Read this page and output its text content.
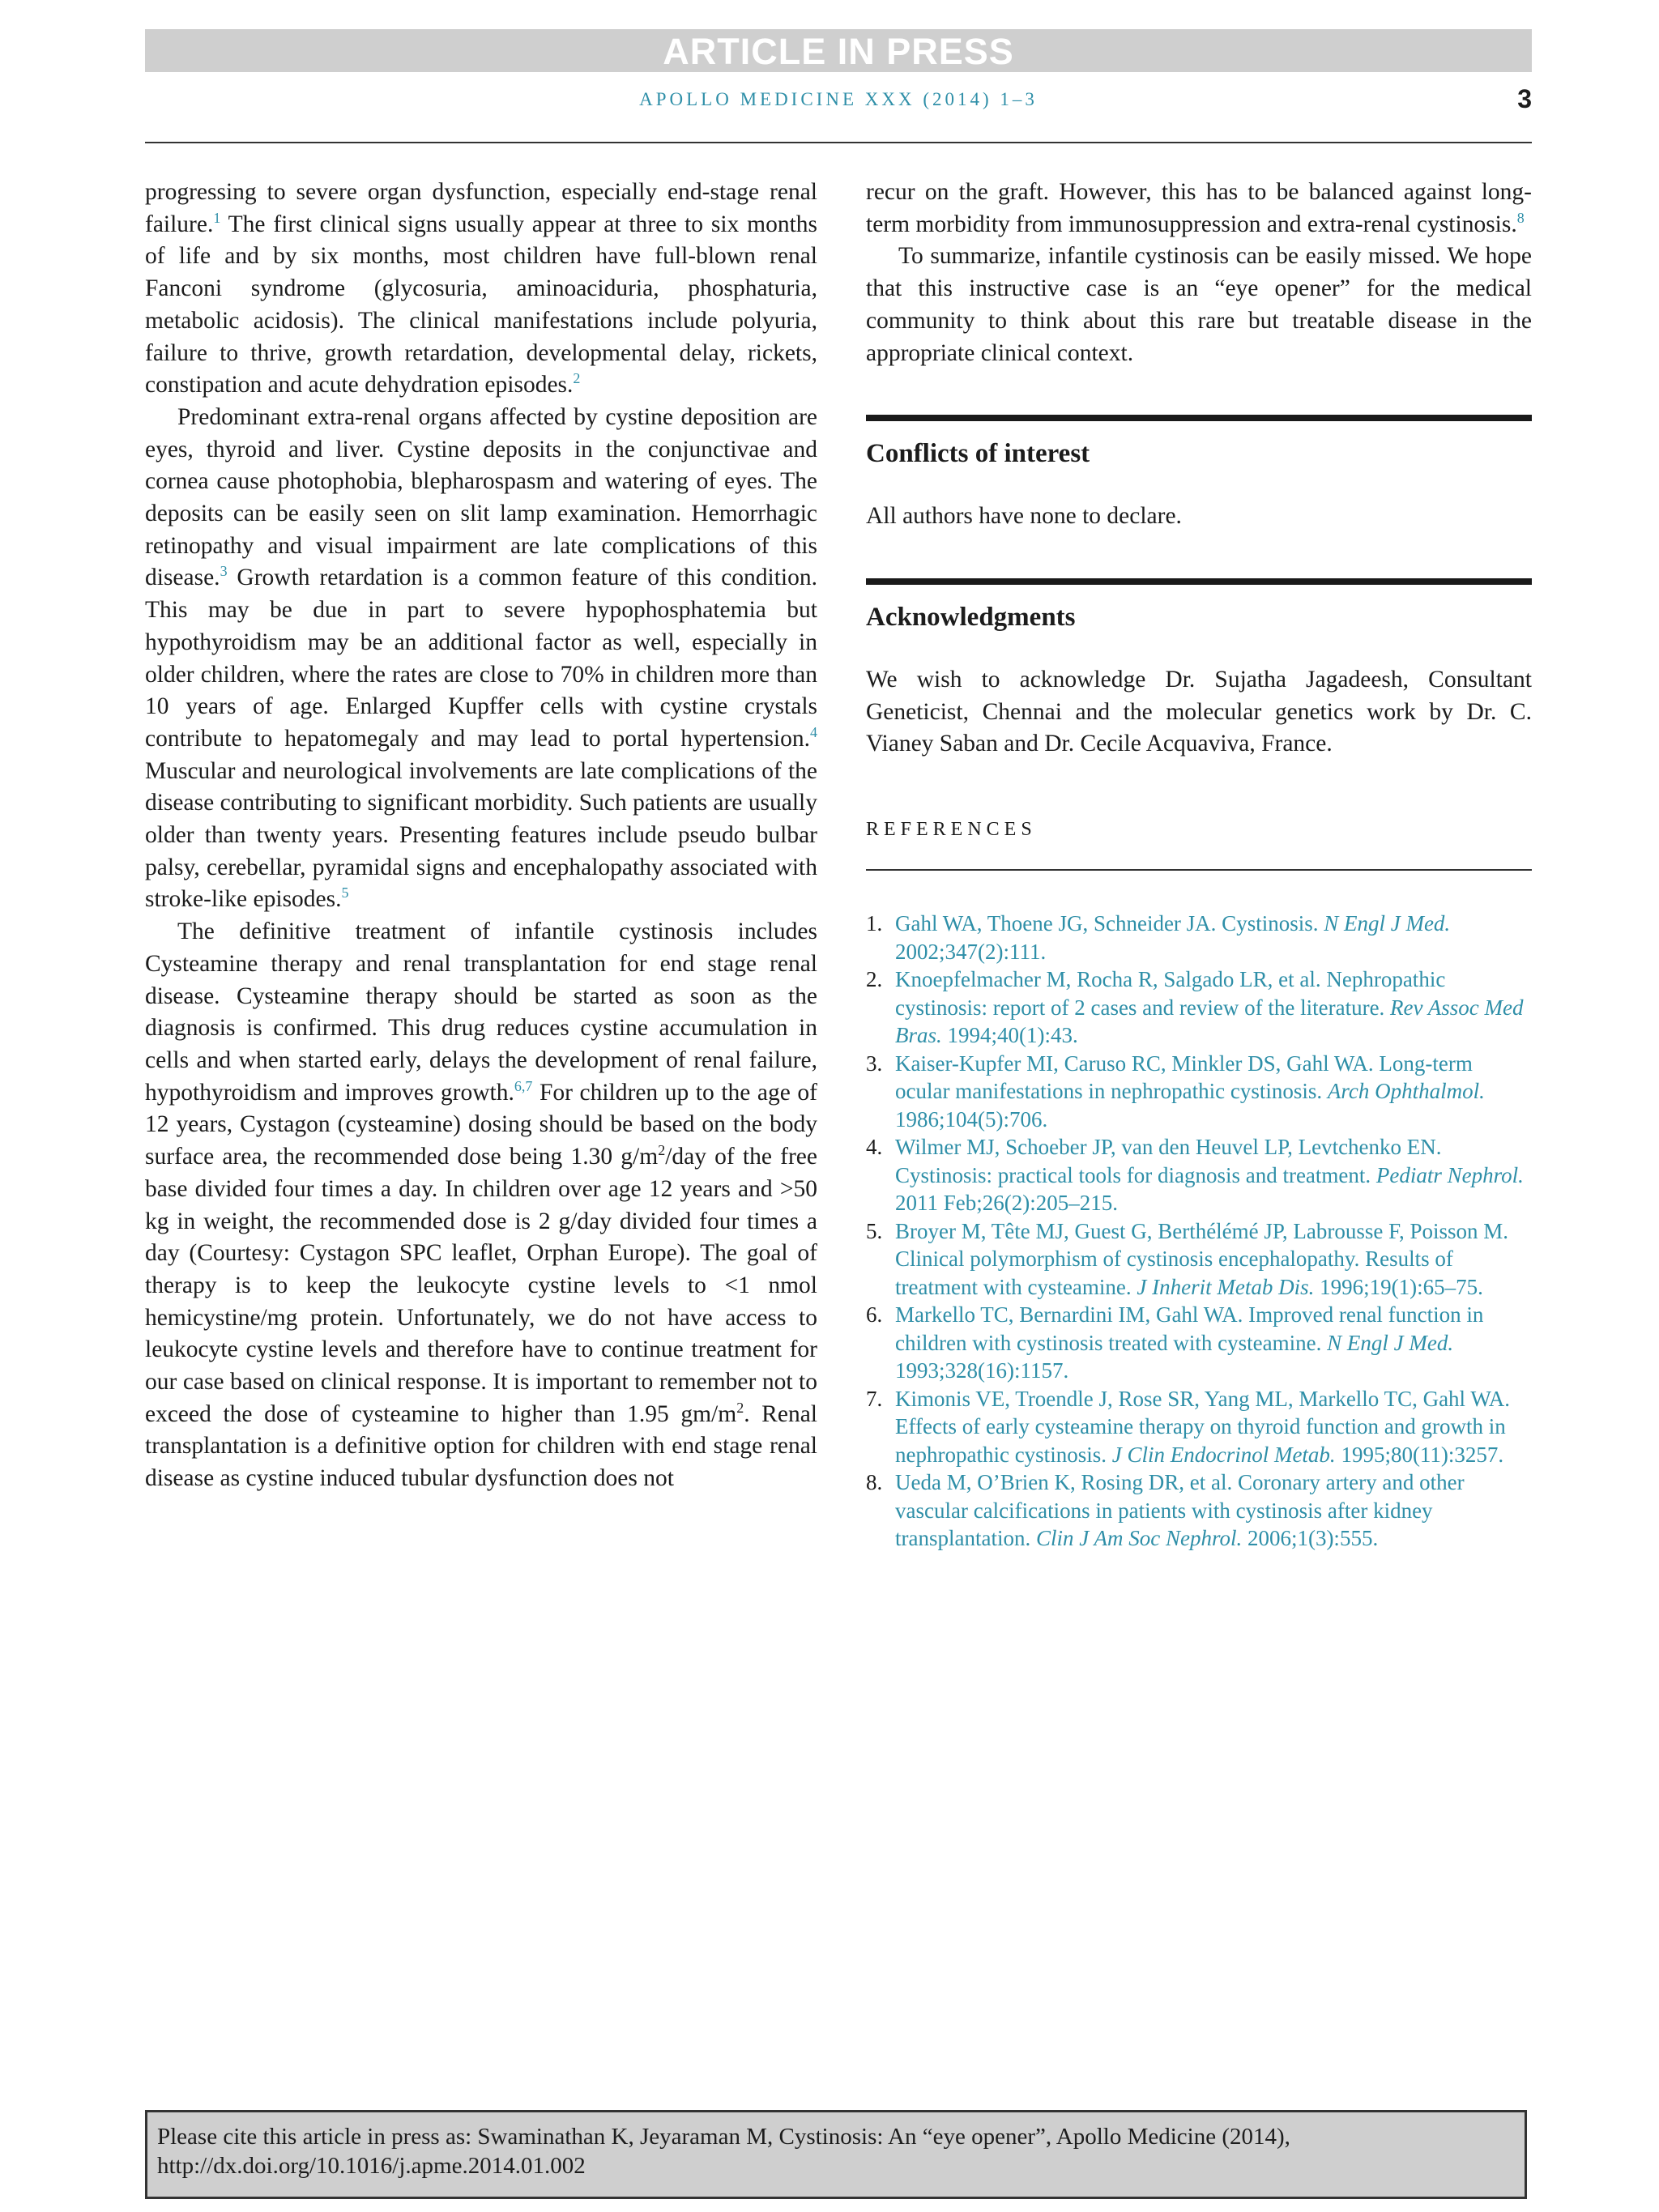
ARTICLE IN PRESS
APOLLO MEDICINE XXX (2014) 1–3	3

progressing to severe organ dysfunction, especially end-stage renal failure.$^1$ The first clinical signs usually appear at three to six months of life and by six months, most children have full-blown renal Fanconi syndrome (glycosuria, aminoaciduria, phosphaturia, metabolic acidosis). The clinical manifestations include polyuria, failure to thrive, growth retardation, developmental delay, rickets, constipation and acute dehydration episodes.$^2$

Predominant extra-renal organs affected by cystine deposition are eyes, thyroid and liver. Cystine deposits in the conjunctivae and cornea cause photophobia, blepharospasm and watering of eyes. The deposits can be easily seen on slit lamp examination. Hemorrhagic retinopathy and visual impairment are late complications of this disease.$^3$ Growth retardation is a common feature of this condition. This may be due in part to severe hypophosphatemia but hypothyroidism may be an additional factor as well, especially in older children, where the rates are close to 70% in children more than 10 years of age. Enlarged Kupffer cells with cystine crystals contribute to hepatomegaly and may lead to portal hypertension.$^4$ Muscular and neurological involvements are late complications of the disease contributing to significant morbidity. Such patients are usually older than twenty years. Presenting features include pseudo bulbar palsy, cerebellar, pyramidal signs and encephalopathy associated with stroke-like episodes.$^5$

The definitive treatment of infantile cystinosis includes Cysteamine therapy and renal transplantation for end stage renal disease. Cysteamine therapy should be started as soon as the diagnosis is confirmed. This drug reduces cystine accumulation in cells and when started early, delays the development of renal failure, hypothyroidism and improves growth.$^{6,7}$ For children up to the age of 12 years, Cystagon (cysteamine) dosing should be based on the body surface area, the recommended dose being 1.30 $g/m^2$/day of the free base divided four times a day. In children over age 12 years and >50 kg in weight, the recommended dose is 2 g/day divided four times a day (Courtesy: Cystagon SPC leaflet, Orphan Europe). The goal of therapy is to keep the leukocyte cystine levels to <1 nmol hemicystine/mg protein. Unfortunately, we do not have access to leukocyte cystine levels and therefore have to continue treatment for our case based on clinical response. It is important to remember not to exceed the dose of cysteamine to higher than 1.95 $gm/m^2$. Renal transplantation is a definitive option for children with end stage renal disease as cystine induced tubular dysfunction does not

recur on the graft. However, this has to be balanced against long-term morbidity from immunosuppression and extra-renal cystinosis.$^8$

To summarize, infantile cystinosis can be easily missed. We hope that this instructive case is an “eye opener” for the medical community to think about this rare but treatable disease in the appropriate clinical context.

Conflicts of interest

All authors have none to declare.

Acknowledgments

We wish to acknowledge Dr. Sujatha Jagadeesh, Consultant Geneticist, Chennai and the molecular genetics work by Dr. C. Vianey Saban and Dr. Cecile Acquaviva, France.

REFERENCES
1. Gahl WA, Thoene JG, Schneider JA. Cystinosis. N Engl J Med. 2002;347(2):111.
2. Knoepfelmacher M, Rocha R, Salgado LR, et al. Nephropathic cystinosis: report of 2 cases and review of the literature. Rev Assoc Med Bras. 1994;40(1):43.
3. Kaiser-Kupfer MI, Caruso RC, Minkler DS, Gahl WA. Long-term ocular manifestations in nephropathic cystinosis. Arch Ophthalmol. 1986;104(5):706.
4. Wilmer MJ, Schoeber JP, van den Heuvel LP, Levtchenko EN. Cystinosis: practical tools for diagnosis and treatment. Pediatr Nephrol. 2011 Feb;26(2):205–215.
5. Broyer M, Tête MJ, Guest G, Berthélémé JP, Labrousse F, Poisson M. Clinical polymorphism of cystinosis encephalopathy. Results of treatment with cysteamine. J Inherit Metab Dis. 1996;19(1):65–75.
6. Markello TC, Bernardini IM, Gahl WA. Improved renal function in children with cystinosis treated with cysteamine. N Engl J Med. 1993;328(16):1157.
7. Kimonis VE, Troendle J, Rose SR, Yang ML, Markello TC, Gahl WA. Effects of early cysteamine therapy on thyroid function and growth in nephropathic cystinosis. J Clin Endocrinol Metab. 1995;80(11):3257.
8. Ueda M, O’Brien K, Rosing DR, et al. Coronary artery and other vascular calcifications in patients with cystinosis after kidney transplantation. Clin J Am Soc Nephrol. 2006;1(3):555.
Please cite this article in press as: Swaminathan K, Jeyaraman M, Cystinosis: An “eye opener”, Apollo Medicine (2014), http://dx.doi.org/10.1016/j.apme.2014.01.002
